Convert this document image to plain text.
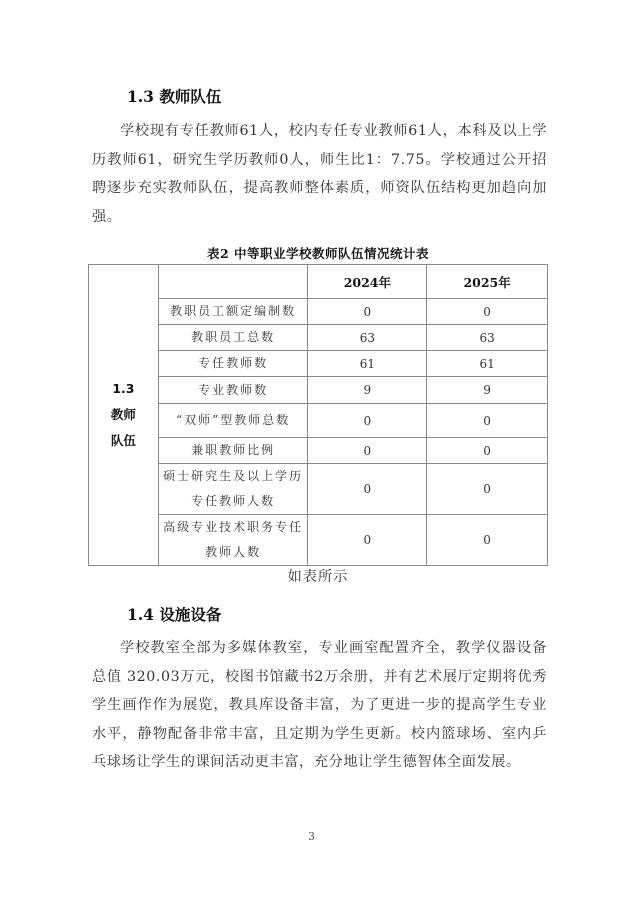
1.3 教师队伍
学校现有专任教师61人，校内专任专业教师61人，本科及以上学历教师61，研究生学历教师0人，师生比1：7.75。学校通过公开招聘逐步充实教师队伍，提高教师整体素质，师资队伍结构更加趋向加强。
表2 中等职业学校教师队伍情况统计表
1.3
教师
队伍		2024年	2025年
	教职员工额定编制数	0	0
	教职员工总数	63	63
	专任教师数	61	61
	专业教师数	9	9
	“双师”型教师总数	0	0
	兼职教师比例	0	0

	硕士研究生及以上学历
专任教师人数	0	0

	高级专业技术职务专任
教师人数	0	0
如表所示
1.4 设施设备
学校教室全部为多媒体教室，专业画室配置齐全，教学仪器设备总值 320.03万元，校图书馆藏书2万余册，并有艺术展厅定期将优秀学生画作作为展览，教具库设备丰富，为了更进一步的提高学生专业水平，静物配备非常丰富，且定期为学生更新。校内篮球场、室内乒乓球场让学生的课间活动更丰富，充分地让学生德智体全面发展。
3
